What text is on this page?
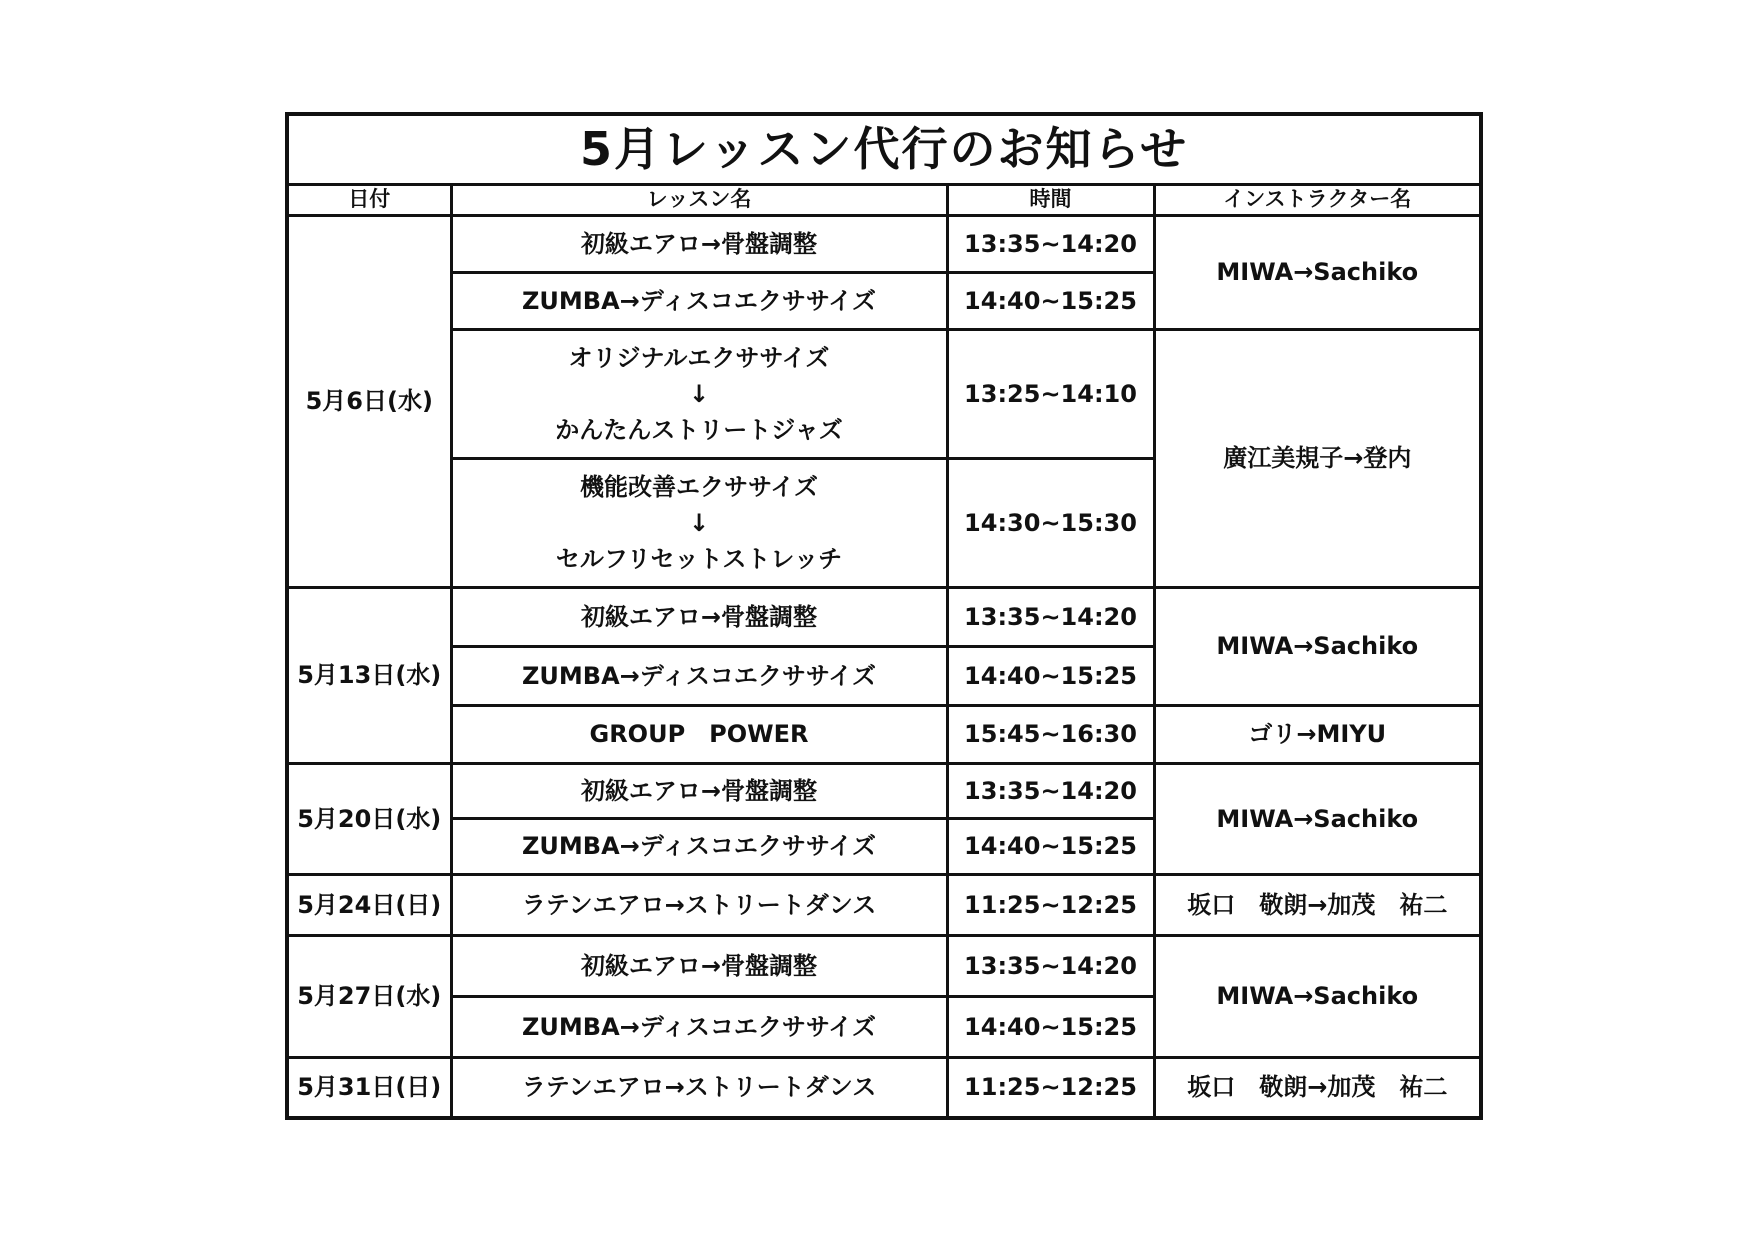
5月レッスン代行のお知らせ			
日付	レッスン名	時間	インストラクター名
5月6日(水)	初級エアロ→骨盤調整	13:35~14:20	MIWA→Sachiko
	ZUMBA→ディスコエクササイズ	14:40~15:25	

	オリジナルエクササイズ
↓
かんたんストリートジャズ	13:25~14:10	廣江美規子→登内

	機能改善エクササイズ
↓
セルフリセットストレッチ	14:30~15:30	
5月13日(水)	初級エアロ→骨盤調整	13:35~14:20	MIWA→Sachiko
	ZUMBA→ディスコエクササイズ	14:40~15:25	
	GROUP　POWER	15:45~16:30	ゴリ→MIYU
5月20日(水)	初級エアロ→骨盤調整	13:35~14:20	MIWA→Sachiko
	ZUMBA→ディスコエクササイズ	14:40~15:25	
5月24日(日)	ラテンエアロ→ストリートダンス	11:25~12:25	坂口　敬朗→加茂　祐二
5月27日(水)	初級エアロ→骨盤調整	13:35~14:20	MIWA→Sachiko
	ZUMBA→ディスコエクササイズ	14:40~15:25	
5月31日(日)	ラテンエアロ→ストリートダンス	11:25~12:25	坂口　敬朗→加茂　祐二
